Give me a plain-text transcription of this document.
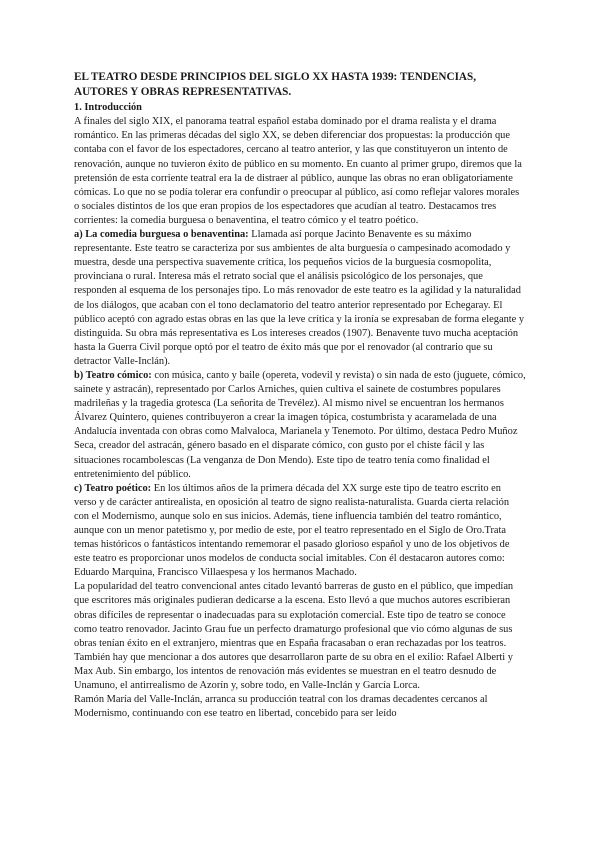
EL TEATRO DESDE PRINCIPIOS DEL SIGLO XX HASTA 1939: TENDENCIAS, AUTORES Y OBRAS REPRESENTATIVAS.
1. Introducción

A finales del siglo XIX, el panorama teatral español estaba dominado por el drama realista y el drama romántico. En las primeras décadas del siglo XX, se deben diferenciar dos propuestas: la producción que contaba con el favor de los espectadores, cercano al teatro anterior, y las que constituyeron un intento de renovación, aunque no tuvieron éxito de público en su momento. En cuanto al primer grupo, diremos que la pretensión de esta corriente teatral era la de distraer al público, aunque las obras no eran obligatoriamente cómicas. Lo que no se podía tolerar era confundir o preocupar al público, así como reflejar valores morales o sociales distintos de los que eran propios de los espectadores que acudían al teatro. Destacamos tres corrientes: la comedia burguesa o benaventina, el teatro cómico y el teatro poético.

a) La comedia burguesa o benaventina: Llamada así porque Jacinto Benavente es su máximo representante. Este teatro se caracteriza por sus ambientes de alta burguesía o campesinado acomodado y muestra, desde una perspectiva suavemente crítica, los pequeños vicios de la burguesía cosmopolita, provinciana o rural. Interesa más el retrato social que el análisis psicológico de los personajes, que responden al esquema de los personajes tipo. Lo más renovador de este teatro es la agilidad y la naturalidad de los diálogos, que acaban con el tono declamatorio del teatro anterior representado por Echegaray. El público aceptó con agrado estas obras en las que la leve crítica y la ironía se expresaban de forma elegante y distinguida. Su obra más representativa es Los intereses creados (1907). Benavente tuvo mucha aceptación hasta la Guerra Civil porque optó por el teatro de éxito más que por el renovador (al contrario que su detractor Valle-Inclán).

b) Teatro cómico: con música, canto y baile (opereta, vodevil y revista) o sin nada de esto (juguete, cómico, sainete y astracán), representado por Carlos Arniches, quien cultiva el sainete de costumbres populares madrileñas y la tragedia grotesca (La señorita de Trevélez). Al mismo nivel se encuentran los hermanos Álvarez Quintero, quienes contribuyeron a crear la imagen tópica, costumbrista y acaramelada de una Andalucía inventada con obras como Malvaloca, Marianela y Tenemoto. Por último, destaca Pedro Muñoz Seca, creador del astracán, género basado en el disparate cómico, con gusto por el chiste fácil y las situaciones rocambolescas (La venganza de Don Mendo). Este tipo de teatro tenía como finalidad el entretenimiento del público.

c) Teatro poético: En los últimos años de la primera década del XX surge este tipo de teatro escrito en verso y de carácter antirealista, en oposición al teatro de signo realista-naturalista. Guarda cierta relación con el Modernismo, aunque solo en sus inicios. Además, tiene influencia también del teatro romántico, aunque con un menor patetismo y, por medio de este, por el teatro representado en el Siglo de Oro.Trata temas históricos o fantásticos intentando rememorar el pasado glorioso español y uno de los objetivos de este teatro es proporcionar unos modelos de conducta social imitables. Con él destacaron autores como: Eduardo Marquina, Francisco Villaespesa y los hermanos Machado.

La popularidad del teatro convencional antes citado levantó barreras de gusto en el público, que impedían que escritores más originales pudieran dedicarse a la escena. Esto llevó a que muchos autores escribieran obras difíciles de representar o inadecuadas para su explotación comercial. Este tipo de teatro se conoce como teatro renovador. Jacinto Grau fue un perfecto dramaturgo profesional que vio cómo algunas de sus obras tenían éxito en el extranjero, mientras que en España fracasaban o eran rechazadas por los teatros. También hay que mencionar a dos autores que desarrollaron parte de su obra en el exilio: Rafael Alberti y Max Aub. Sin embargo, los intentos de renovación más evidentes se muestran en el teatro desnudo de Unamuno, el antirrealismo de Azorín y, sobre todo, en Valle-Inclán y García Lorca.

Ramón María del Valle-Inclán, arranca su producción teatral con los dramas decadentes cercanos al Modernismo, continuando con ese teatro en libertad, concebido para ser leído
